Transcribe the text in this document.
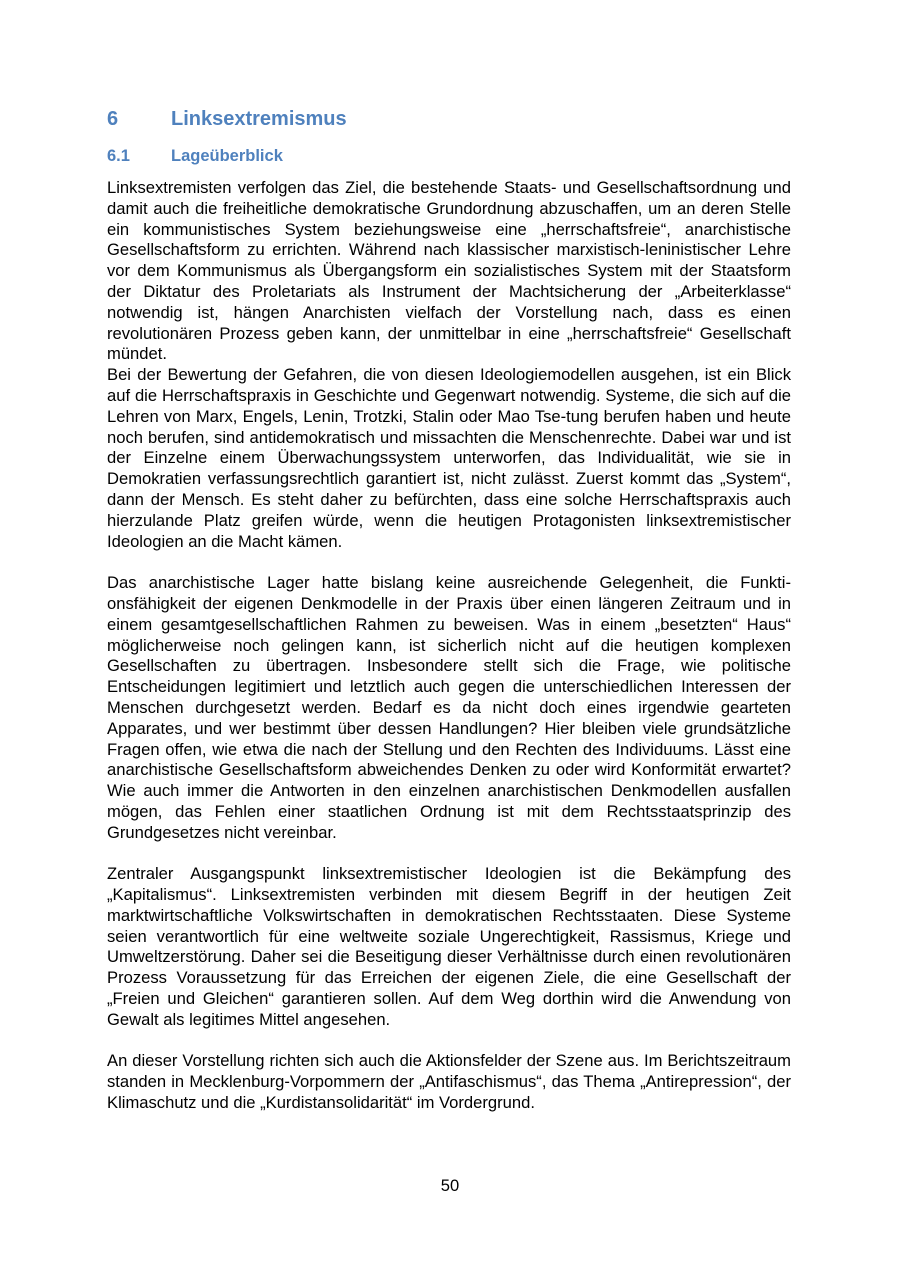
6	Linksextremismus
6.1	Lageüberblick

Linksextremisten verfolgen das Ziel, die bestehende Staats- und Gesellschaftsordnung und damit auch die freiheitliche demokratische Grundordnung abzuschaffen, um an deren Stelle ein kommunistisches System beziehungsweise eine „herrschaftsfreie“, anarchistische Gesellschaftsform zu errichten. Während nach klassischer marxistisch-leninistischer Lehre vor dem Kommunismus als Übergangsform ein sozialistisches System mit der Staatsform der Diktatur des Proletariats als Instrument der Machtsicherung der „Arbeiterklasse“ notwendig ist, hängen Anarchisten vielfach der Vorstellung nach, dass es einen revolutionären Prozess geben kann, der unmittelbar in eine „herrschaftsfreie“ Gesellschaft mündet.

Bei der Bewertung der Gefahren, die von diesen Ideologiemodellen ausgehen, ist ein Blick auf die Herrschaftspraxis in Geschichte und Gegenwart notwendig. Systeme, die sich auf die Lehren von Marx, Engels, Lenin, Trotzki, Stalin oder Mao Tse-tung berufen haben und heute noch berufen, sind antidemokratisch und missachten die Menschenrechte. Dabei war und ist der Einzelne einem Überwachungssystem unterworfen, das Individualität, wie sie in Demokratien verfassungsrechtlich garantiert ist, nicht zulässt. Zuerst kommt das „System“, dann der Mensch. Es steht daher zu befürchten, dass eine solche Herrschaftspraxis auch hierzulande Platz greifen würde, wenn die heutigen Protagonisten linksextremistischer Ideologien an die Macht kämen.

Das anarchistische Lager hatte bislang keine ausreichende Gelegenheit, die Funktionsfähigkeit der eigenen Denkmodelle in der Praxis über einen längeren Zeitraum und in einem gesamtgesellschaftlichen Rahmen zu beweisen. Was in einem „besetzten“ Haus“ möglicherweise noch gelingen kann, ist sicherlich nicht auf die heutigen komplexen Gesellschaften zu übertragen. Insbesondere stellt sich die Frage, wie politische Entscheidungen legitimiert und letztlich auch gegen die unterschiedlichen Interessen der Menschen durchgesetzt werden. Bedarf es da nicht doch eines irgendwie gearteten Apparates, und wer bestimmt über dessen Handlungen? Hier bleiben viele grundsätzliche Fragen offen, wie etwa die nach der Stellung und den Rechten des Individuums. Lässt eine anarchistische Gesellschaftsform abweichendes Denken zu oder wird Konformität erwartet? Wie auch immer die Antworten in den einzelnen anarchistischen Denkmodellen ausfallen mögen, das Fehlen einer staatlichen Ordnung ist mit dem Rechtsstaatsprinzip des Grundgesetzes nicht vereinbar.

Zentraler Ausgangspunkt linksextremistischer Ideologien ist die Bekämpfung des „Kapitalismus“. Linksextremisten verbinden mit diesem Begriff in der heutigen Zeit marktwirtschaftliche Volkswirtschaften in demokratischen Rechtsstaaten. Diese Systeme seien verantwortlich für eine weltweite soziale Ungerechtigkeit, Rassismus, Kriege und Umweltzerstörung. Daher sei die Beseitigung dieser Verhältnisse durch einen revolutionären Prozess Voraussetzung für das Erreichen der eigenen Ziele, die eine Gesellschaft der „Freien und Gleichen“ garantieren sollen. Auf dem Weg dorthin wird die Anwendung von Gewalt als legitimes Mittel angesehen.

An dieser Vorstellung richten sich auch die Aktionsfelder der Szene aus. Im Berichtszeitraum standen in Mecklenburg-Vorpommern der „Antifaschismus“, das Thema „Antirepression“, der Klimaschutz und die „Kurdistansolidarität“ im Vordergrund.

50
